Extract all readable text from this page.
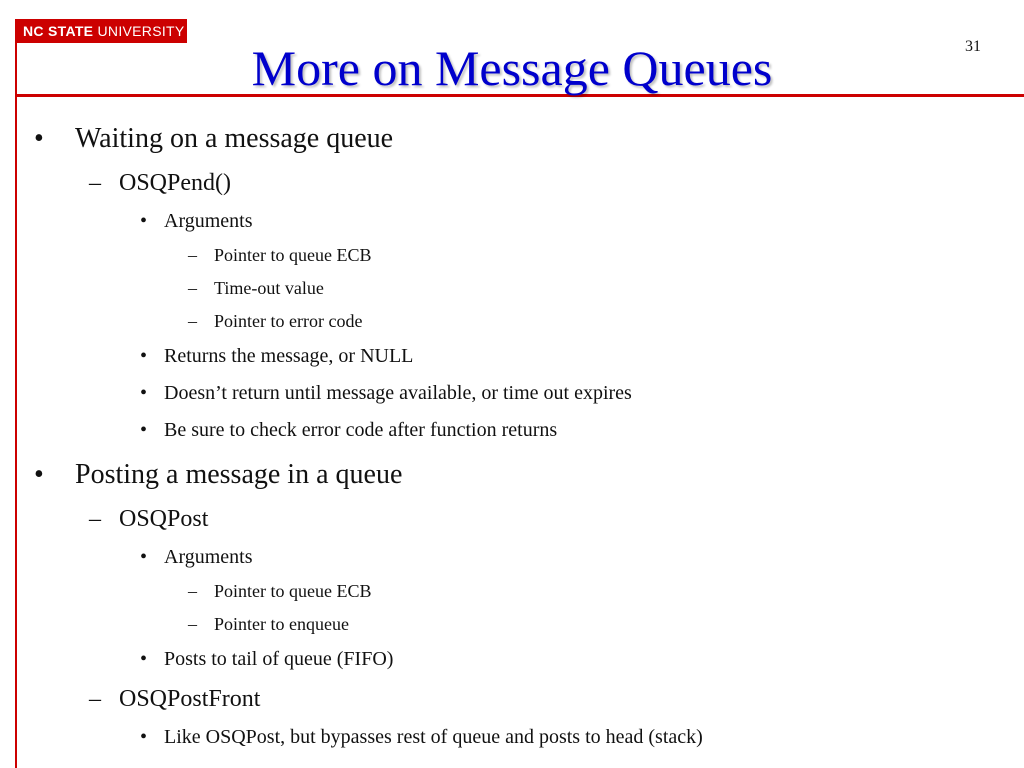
NC STATE UNIVERSITY
More on Message Queues	31
• Waiting on a message queue
– OSQPend()
• Arguments
– Pointer to queue ECB
– Time-out value
– Pointer to error code
• Returns the message, or NULL
• Doesn’t return until message available, or time out expires
• Be sure to check error code after function returns
• Posting a message in a queue
– OSQPost
• Arguments
– Pointer to queue ECB
– Pointer to enqueue
• Posts to tail of queue (FIFO)
– OSQPostFront
• Like OSQPost, but bypasses rest of queue and posts to head (stack)
